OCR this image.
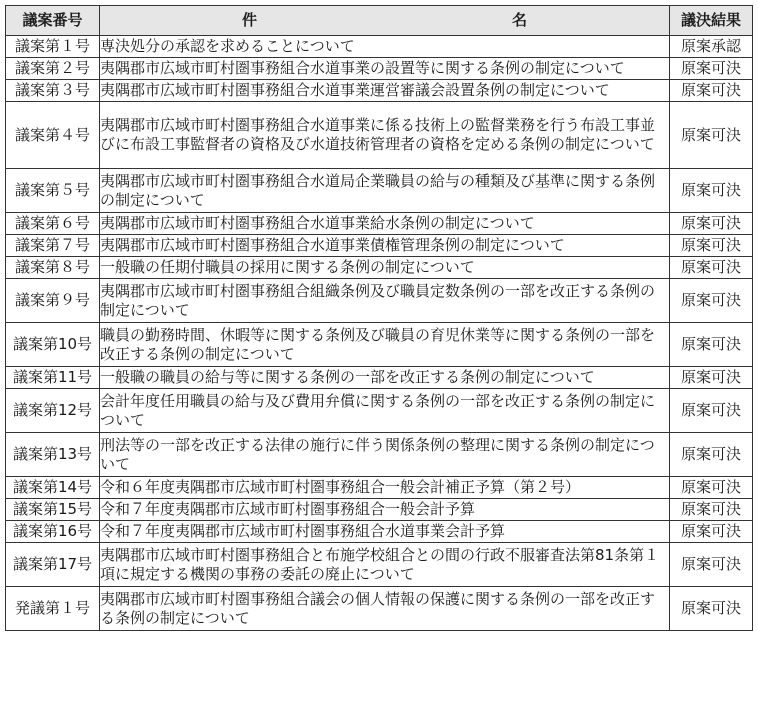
議案番号	件 名	議決結果
議案第１号	専決処分の承認を求めることについて	原案承認
議案第２号	夷隅郡市広域市町村圏事務組合水道事業の設置等に関する条例の制定について	原案可決
議案第３号	夷隅郡市広域市町村圏事務組合水道事業運営審議会設置条例の制定について	原案可決
議案第４号	夷隅郡市広域市町村圏事務組合水道事業に係る技術上の監督業務を行う布設工事並びに布設工事監督者の資格及び水道技術管理者の資格を定める条例の制定について	原案可決
議案第５号	夷隅郡市広域市町村圏事務組合水道局企業職員の給与の種類及び基準に関する条例の制定について	原案可決
議案第６号	夷隅郡市広域市町村圏事務組合水道事業給水条例の制定について	原案可決
議案第７号	夷隅郡市広域市町村圏事務組合水道事業債権管理条例の制定について	原案可決
議案第８号	一般職の任期付職員の採用に関する条例の制定について	原案可決
議案第９号	夷隅郡市広域市町村圏事務組合組織条例及び職員定数条例の一部を改正する条例の制定について	原案可決
議案第10号	職員の勤務時間、休暇等に関する条例及び職員の育児休業等に関する条例の一部を改正する条例の制定について	原案可決
議案第11号	一般職の職員の給与等に関する条例の一部を改正する条例の制定について	原案可決
議案第12号	会計年度任用職員の給与及び費用弁償に関する条例の一部を改正する条例の制定について	原案可決
議案第13号	刑法等の一部を改正する法律の施行に伴う関係条例の整理に関する条例の制定について	原案可決
議案第14号	令和６年度夷隅郡市広域市町村圏事務組合一般会計補正予算（第２号）	原案可決
議案第15号	令和７年度夷隅郡市広域市町村圏事務組合一般会計予算	原案可決
議案第16号	令和７年度夷隅郡市広域市町村圏事務組合水道事業会計予算	原案可決
議案第17号	夷隅郡市広域市町村圏事務組合と布施学校組合との間の行政不服審査法第81条第１項に規定する機関の事務の委託の廃止について	原案可決
発議第１号	夷隅郡市広域市町村圏事務組合議会の個人情報の保護に関する条例の一部を改正する条例の制定について	原案可決
